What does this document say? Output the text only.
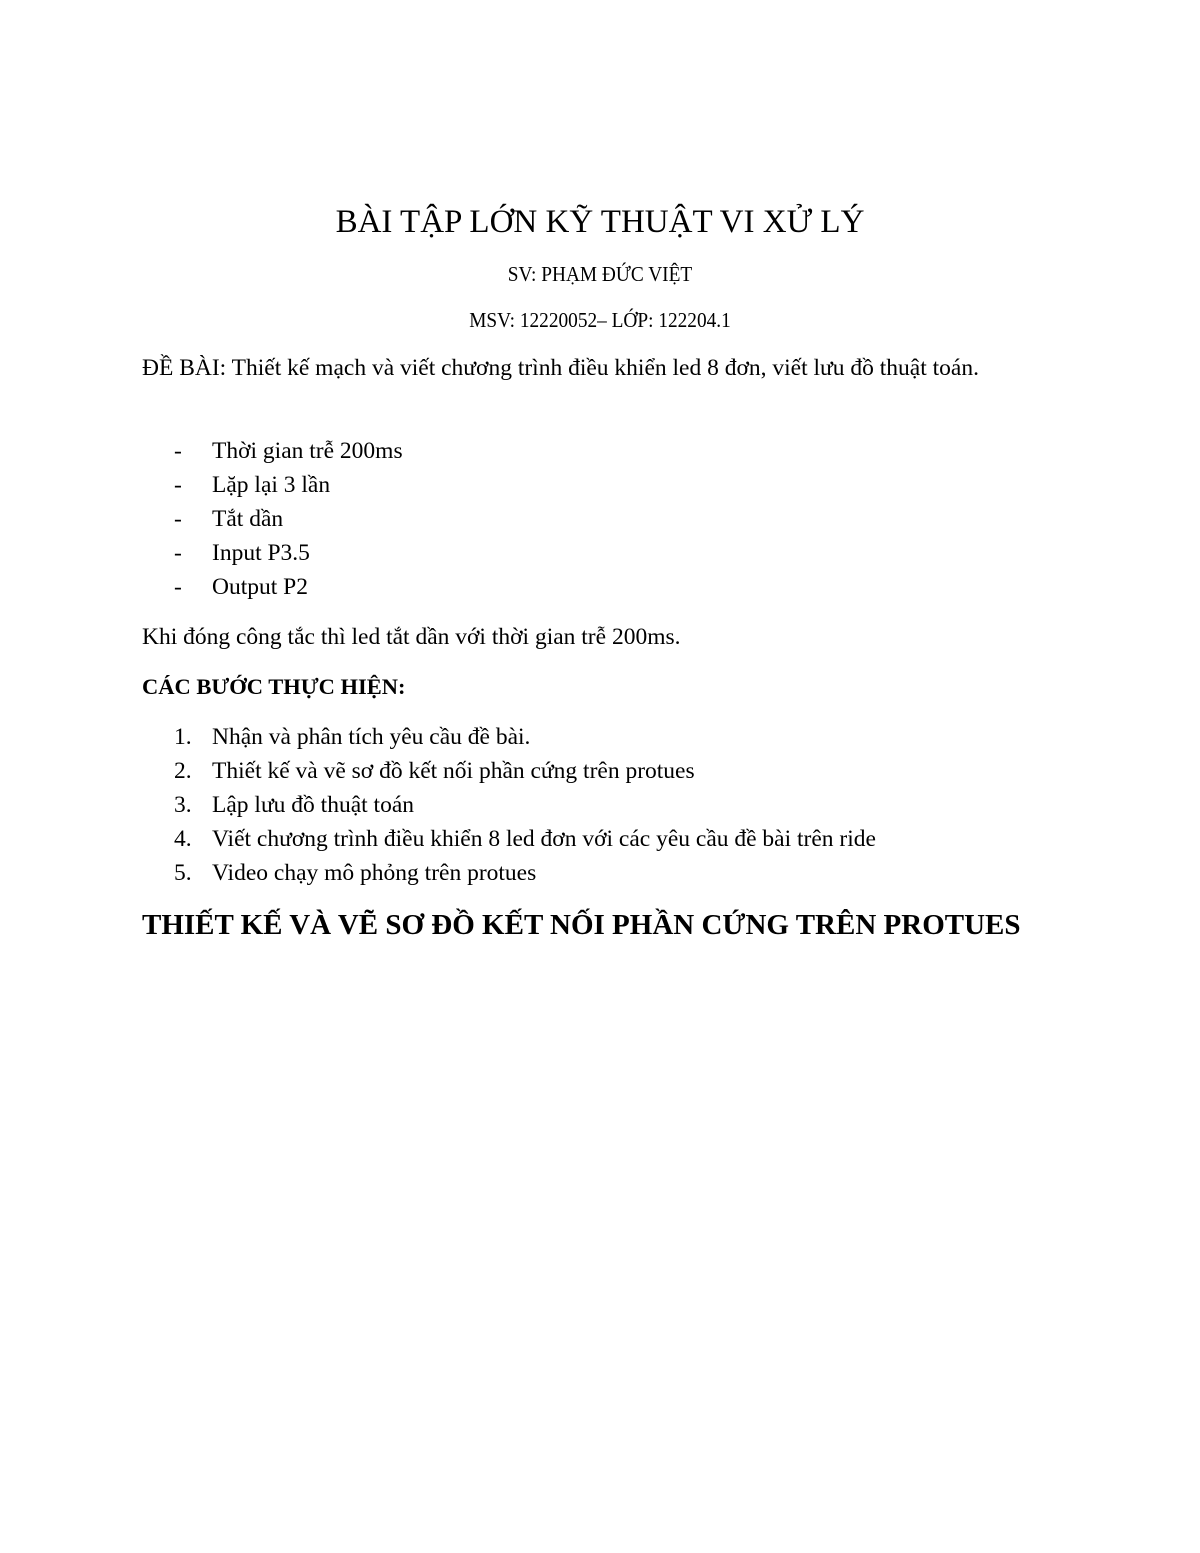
BÀI TẬP LỚN KỸ THUẬT VI XỬ LÝ
SV: PHẠM ĐỨC VIỆT
MSV: 12220052– LỚP: 122204.1
ĐỀ BÀI: Thiết kế mạch và viết chương trình điều khiển led 8 đơn, viết lưu đồ thuật toán.
- Thời gian trễ 200ms
- Lặp lại 3 lần
- Tắt dần
- Input P3.5
- Output P2
Khi đóng công tắc thì led tắt dần với thời gian trễ 200ms.
CÁC BƯỚC THỰC HIỆN:
1. Nhận và phân tích yêu cầu đề bài.
2. Thiết kế và vẽ sơ đồ kết nối phần cứng trên protues
3. Lập lưu đồ thuật toán
4. Viết chương trình điều khiển 8 led đơn với các yêu cầu đề bài trên ride
5. Video chạy mô phỏng trên protues
THIẾT KẾ VÀ VẼ SƠ ĐỒ KẾT NỐI PHẦN CỨNG TRÊN PROTUES
